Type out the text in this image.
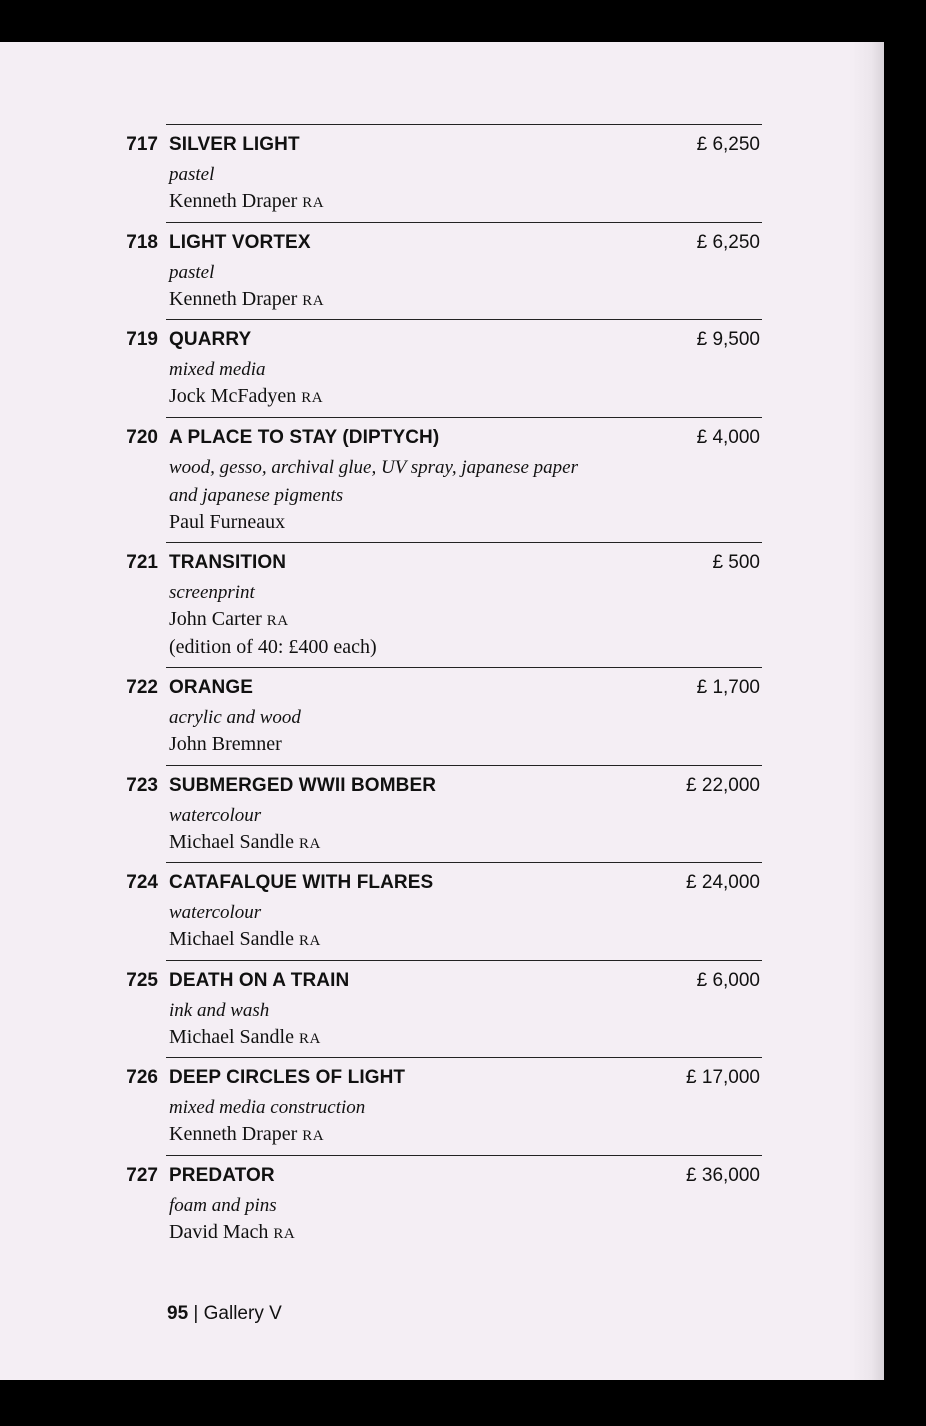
717 SILVER LIGHT	£ 6,250
pastel
Kenneth Draper RA
718 LIGHT VORTEX	£ 6,250
pastel
Kenneth Draper RA
719 QUARRY	£ 9,500
mixed media
Jock McFadyen RA
720 A PLACE TO STAY (DIPTYCH)	£ 4,000
wood, gesso, archival glue, UV spray, japanese paper and japanese pigments
Paul Furneaux
721 TRANSITION	£ 500
screenprint
John Carter RA
(edition of 40: £400 each)
722 ORANGE	£ 1,700
acrylic and wood
John Bremner
723 SUBMERGED WWII BOMBER	£ 22,000
watercolour
Michael Sandle RA
724 CATAFALQUE WITH FLARES	£ 24,000
watercolour
Michael Sandle RA
725 DEATH ON A TRAIN	£ 6,000
ink and wash
Michael Sandle RA
726 DEEP CIRCLES OF LIGHT	£ 17,000
mixed media construction
Kenneth Draper RA
727 PREDATOR	£ 36,000
foam and pins
David Mach RA
95 | Gallery V
